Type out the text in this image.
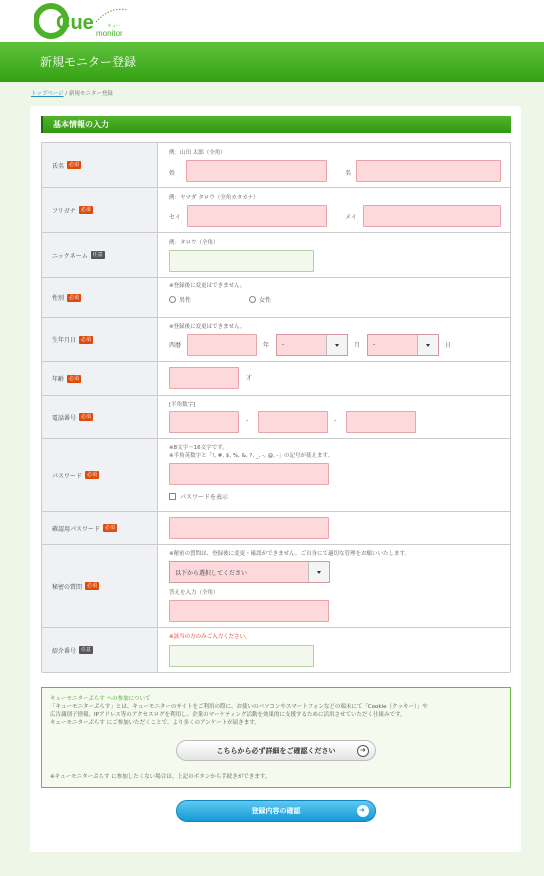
Cue monitor
キュー
新規モニター登録
トップページ / 新規モニター登録
基本情報の入力
氏名	必須
例：山田 太郎（全角）
姓	名
フリガナ	必須
例：ヤマダ タロウ（全角カタカナ）
セイ	メイ
ニックネーム	任意
例：タロウ（全角）
性別	必須
※登録後に変更はできません。
男性	女性
生年月日	必須
※登録後に変更はできません。
西暦	年 -	月 -	日
年齢	必須	才
電話番号	必須
[半角数字]
-	-
パスワード	必須
※8文字〜16文字です。
※半角英数字と「!, #, $, %, &, ?, _, -, @, -」の記号が使えます。
パスワードを表示
確認用パスワード	必須
秘密の質問	必須
※秘密の質問は、登録後に変更・確認ができません。ご自身にて適切な管理をお願いいたします。
以下から選択してください
答えを入力（全角）
紹介番号	任意
※該当の方のみご入力ください。
キューモニターぷらす への参加について
「キューモニターぷらす」とは、キューモニターのサイトをご利用の際に、お使いのパソコンやスマートフォンなどの端末にて「Cookie（クッキー）」や
広告識別子情報、IPアドレス等のアクセスログを利用し、企業のマーケティング活動を効果的に支援するために活用させていただく仕組みです。
キューモニターぷらす にご参加いただくことで、より多くのアンケートが届きます。
こちらから必ず詳細をご確認ください
➜
※キューモニターぷらす に参加したくない場合は、上記のボタンから手続きができます。
登録内容の確認
➜
